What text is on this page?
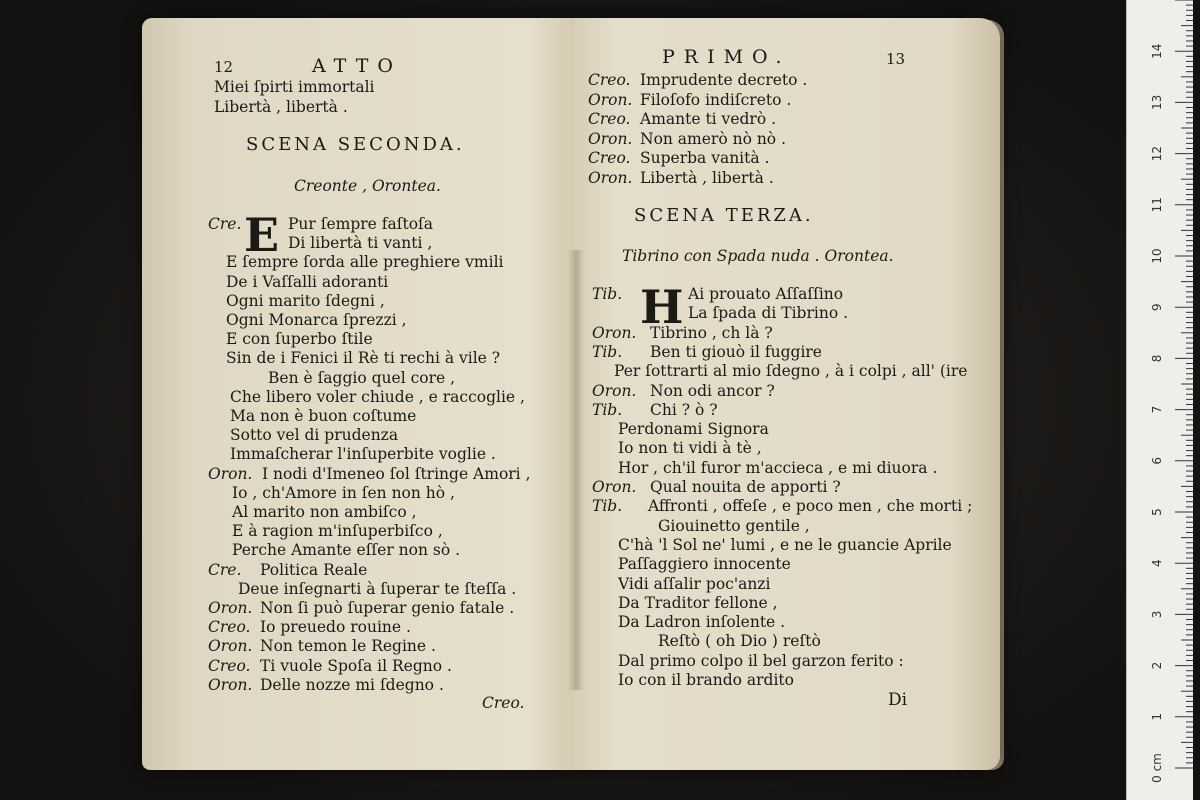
12	ATTO
Miei ſpirti immortali
Libertà , libertà .
SCENA SECONDA.
Creonte , Orontea.
E
Cre.	Pur ſempre faſtoſa
Di libertà ti vanti ,
E ſempre ſorda alle preghiere vmili
De i Vaſſalli adoranti
Ogni marito ſdegni ,
Ogni Monarca ſprezzi ,
E con ſuperbo ſtile
Sin de i Fenici il Rè ti rechi à vile ?
Ben è ſaggio quel core ,
Che libero voler chiude , e raccoglie ,
Ma non è buon coſtume
Sotto vel di prudenza
Immaſcherar l'inſuperbite voglie .
Oron. I nodi d'Imeneo ſol ſtringe Amori ,
Io , ch'Amore in ſen non hò ,
Al marito non ambiſco ,
E à ragion m'inſuperbiſco ,
Perche Amante eſſer non sò .
Cre. Politica Reale
Deue inſegnarti à ſuperar te ſteſſa .
Oron. Non ſi può ſuperar genio fatale .
Creo. Io preuedo rouine .
Oron. Non temon le Regine .
Creo. Ti vuole Spoſa il Regno .
Oron. Delle nozze mi ſdegno .
Creo.
PRIMO.	13
Creo. Imprudente decreto .
Oron. Filoſofo indiſcreto .
Creo. Amante ti vedrò .
Oron. Non amerò nò nò .
Creo. Superba vanità .
Oron. Libertà , libertà .
SCENA TERZA.
Tibrino con Spada nuda . Orontea.
H
Tib.	Ai prouato Aſſaſſino
La ſpada di Tibrino .
Oron. Tibrino , ch là ?
Tib. Ben ti giouò il fuggire
Per ſottrarti al mio ſdegno , à i colpi , all' (ire
Oron. Non odi ancor ?
Tib. Chi ? ò ?
Perdonami Signora
Io non ti vidi à tè ,
Hor , ch'il furor m'accieca , e mi diuora .
Oron. Qual nouita de apporti ?
Tib. Affronti , offeſe , e poco men , che morti ;
Giouinetto gentile ,
C'hà 'l Sol ne' lumi , e ne le guancie Aprile
Paſſaggiero innocente
Vidi aſſalir poc'anzi
Da Traditor fellone ,
Da Ladron inſolente .
Reſtò ( oh Dio ) reſtò
Dal primo colpo il bel garzon ferito :
Io con il brando ardito
Di
0 cm
1
2
3
4
5
6
7
8
9
10
11
12
13
14
